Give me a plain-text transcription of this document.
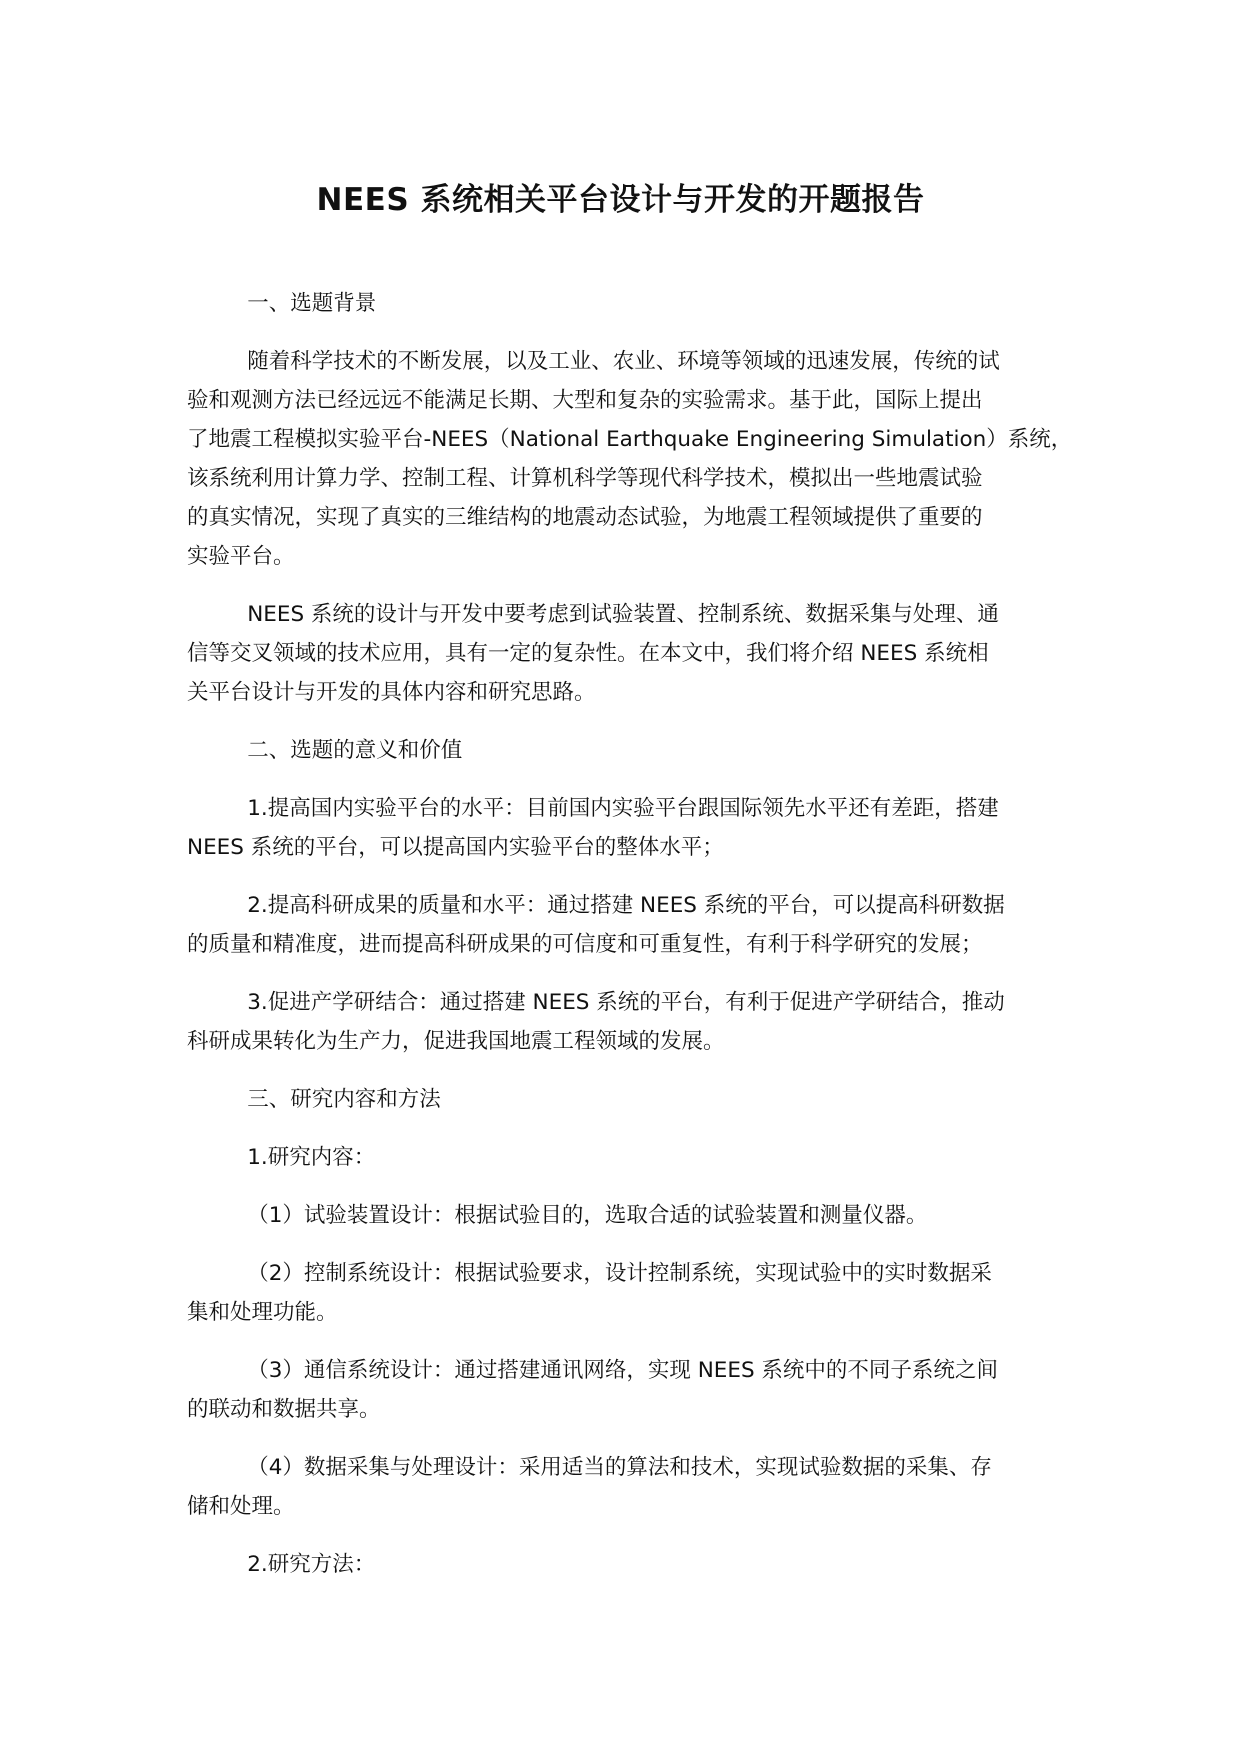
NEES 系统相关平台设计与开发的开题报告

一、选题背景

随着科学技术的不断发展，以及工业、农业、环境等领域的迅速发展，传统的试
验和观测方法已经远远不能满足长期、大型和复杂的实验需求。基于此，国际上提出
了地震工程模拟实验平台-NEES（National Earthquake Engineering Simulation）系统，
该系统利用计算力学、控制工程、计算机科学等现代科学技术，模拟出一些地震试验
的真实情况，实现了真实的三维结构的地震动态试验，为地震工程领域提供了重要的
实验平台。

NEES 系统的设计与开发中要考虑到试验装置、控制系统、数据采集与处理、通
信等交叉领域的技术应用，具有一定的复杂性。在本文中，我们将介绍 NEES 系统相
关平台设计与开发的具体内容和研究思路。

二、选题的意义和价值

1.提高国内实验平台的水平：目前国内实验平台跟国际领先水平还有差距，搭建
NEES 系统的平台，可以提高国内实验平台的整体水平；

2.提高科研成果的质量和水平：通过搭建 NEES 系统的平台，可以提高科研数据
的质量和精准度，进而提高科研成果的可信度和可重复性，有利于科学研究的发展；

3.促进产学研结合：通过搭建 NEES 系统的平台，有利于促进产学研结合，推动
科研成果转化为生产力，促进我国地震工程领域的发展。

三、研究内容和方法

1.研究内容：

（1）试验装置设计：根据试验目的，选取合适的试验装置和测量仪器。

（2）控制系统设计：根据试验要求，设计控制系统，实现试验中的实时数据采
集和处理功能。

（3）通信系统设计：通过搭建通讯网络，实现 NEES 系统中的不同子系统之间
的联动和数据共享。

（4）数据采集与处理设计：采用适当的算法和技术，实现试验数据的采集、存
储和处理。

2.研究方法：
